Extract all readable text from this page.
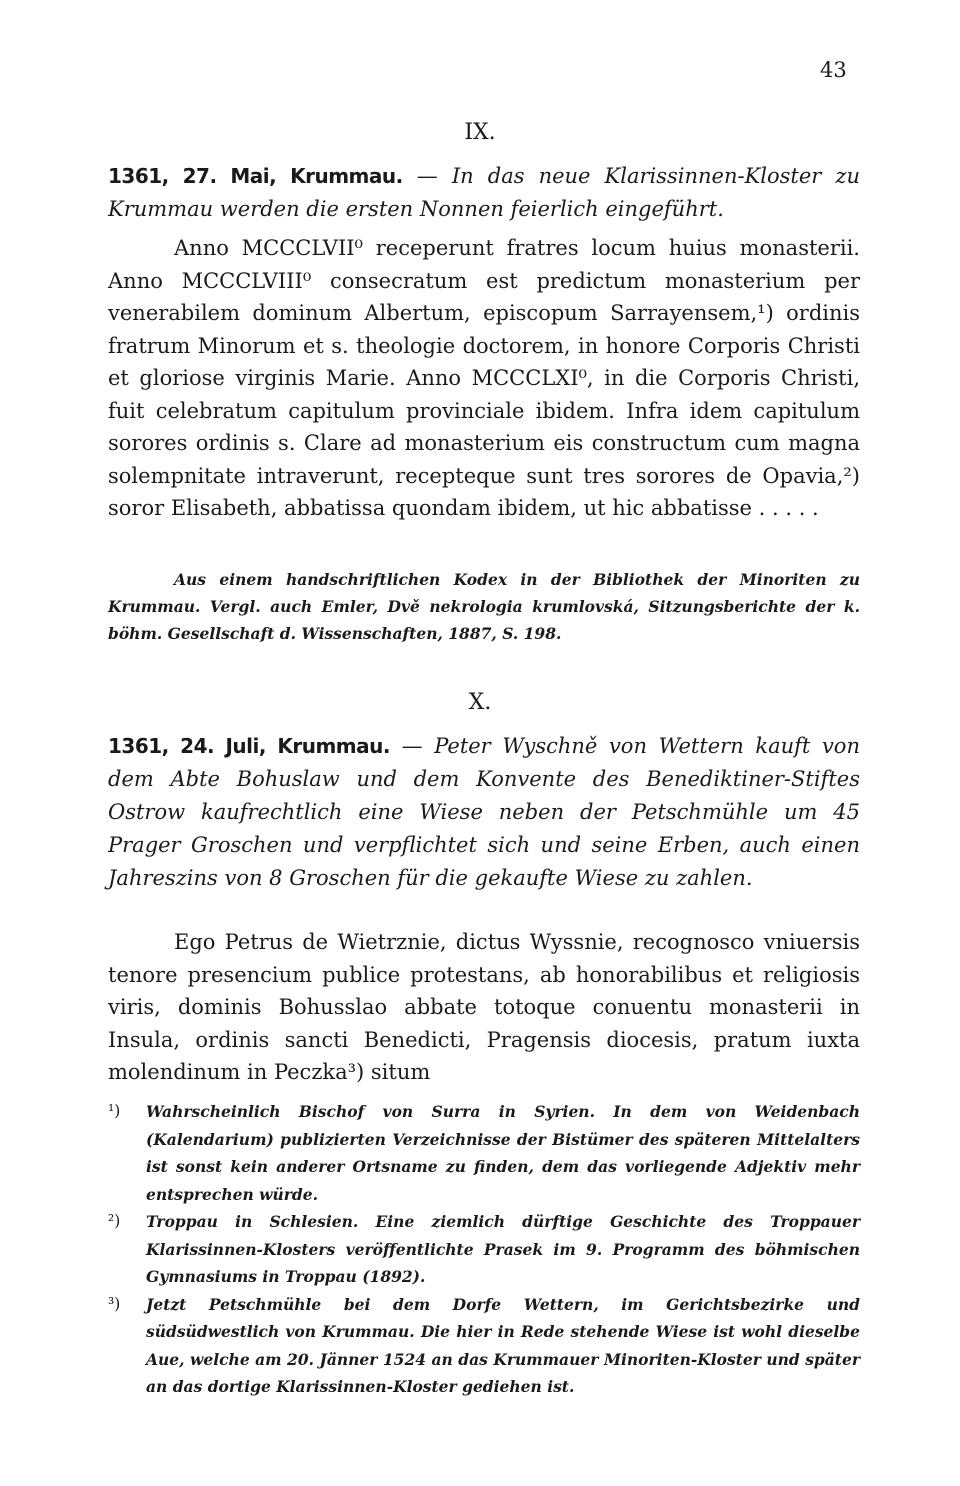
43
IX.
1361, 27. Mai, Krummau. — In das neue Klarissinnen-Kloster zu Krummau werden die ersten Nonnen feierlich eingeführt.

Anno MCCCLVII⁰ receperunt fratres locum huius monasterii. Anno MCCCLVIII⁰ consecratum est predictum monasterium per venerabilem dominum Albertum, episcopum Sarrayensem,¹) ordinis fratrum Minorum et s. theologie doctorem, in honore Corporis Christi et gloriose virginis Marie. Anno MCCCLXI⁰, in die Corporis Christi, fuit celebratum capitulum provinciale ibidem. Infra idem capitulum sorores ordinis s. Clare ad monasterium eis constructum cum magna solempnitate intraverunt, recepteque sunt tres sorores de Opavia,²) soror Elisabeth, abbatissa quondam ibidem, ut hic abbatisse . . . . .

Aus einem handschriftlichen Kodex in der Bibliothek der Minoriten zu Krummau. Vergl. auch Emler, Dvě nekrologia krumlovská, Sitzungsberichte der k. böhm. Gesellschaft d. Wissenschaften, 1887, S. 198.

X.
1361, 24. Juli, Krummau. — Peter Wyschně von Wettern kauft von dem Abte Bohuslaw und dem Konvente des Benediktiner-Stiftes Ostrow kaufrechtlich eine Wiese neben der Petschmühle um 45 Prager Groschen und verpflichtet sich und seine Erben, auch einen Jahreszins von 8 Groschen für die gekaufte Wiese zu zahlen.

Ego Petrus de Wietrznie, dictus Wyssnie, recognosco vniuersis tenore presencium publice protestans, ab honorabilibus et religiosis viris, dominis Bohusslao abbate totoque conuentu monasterii in Insula, ordinis sancti Benedicti, Pragensis diocesis, pratum iuxta molendinum in Peczka³) situm

¹) Wahrscheinlich Bischof von Surra in Syrien. In dem von Weidenbach (Kalendarium) publizierten Verzeichnisse der Bistümer des späteren Mittelalters ist sonst kein anderer Ortsname zu finden, dem das vorliegende Adjektiv mehr entsprechen würde.

²) Troppau in Schlesien. Eine ziemlich dürftige Geschichte des Troppauer Klarissinnen-Klosters veröffentlichte Prasek im 9. Programm des böhmischen Gymnasiums in Troppau (1892).

³) Jetzt Petschmühle bei dem Dorfe Wettern, im Gerichtsbezirke und südsüdwestlich von Krummau. Die hier in Rede stehende Wiese ist wohl dieselbe Aue, welche am 20. Jänner 1524 an das Krummauer Minoriten-Kloster und später an das dortige Klarissinnen-Kloster gediehen ist.
